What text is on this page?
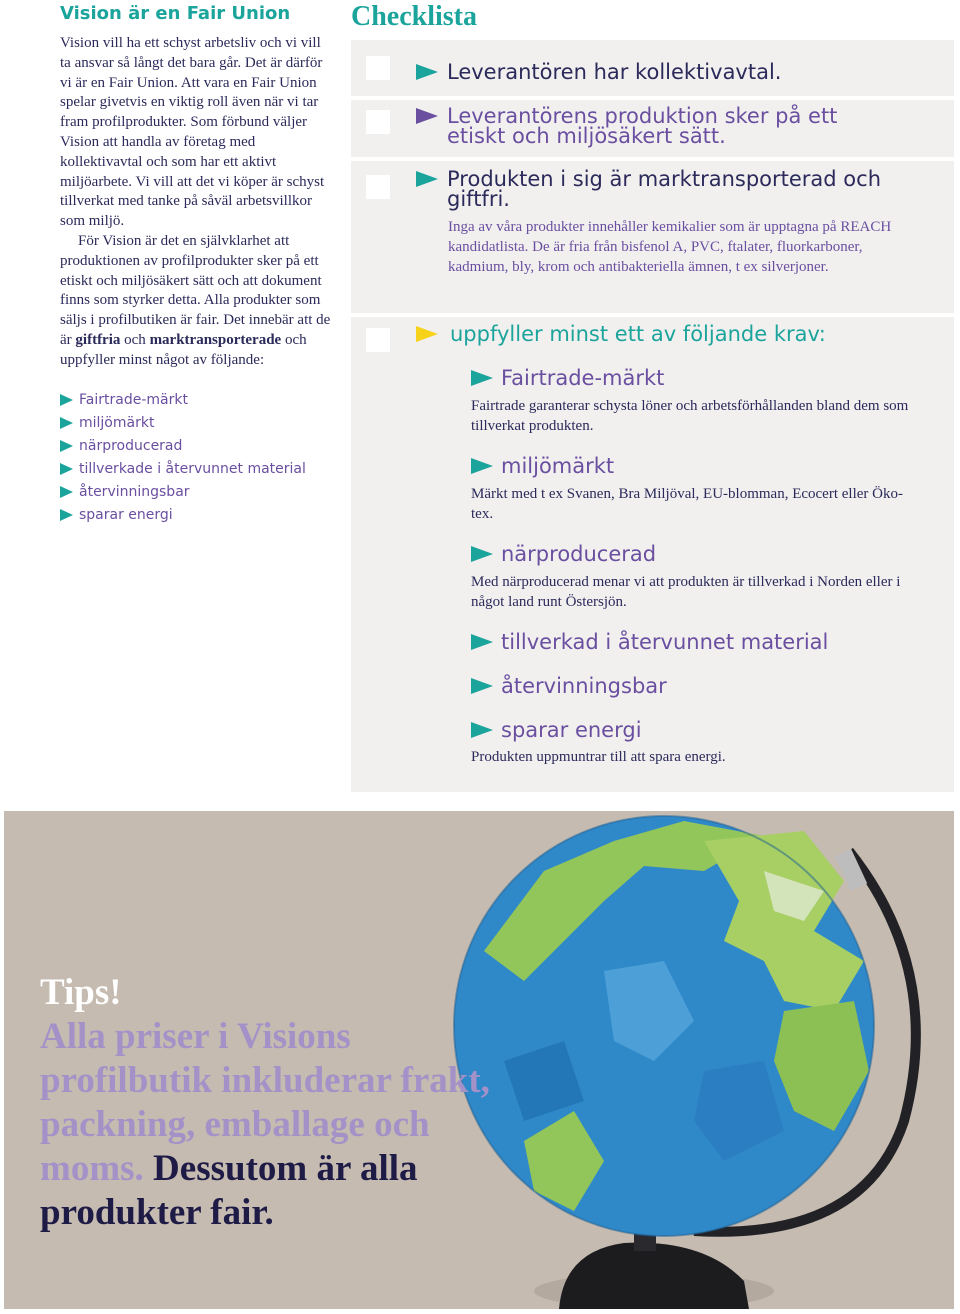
Vision är en Fair Union

Vision vill ha ett schyst arbetsliv och vi vill ta ansvar så långt det bara går. Det är därför vi är en Fair Union. Att vara en Fair Union spelar givetvis en viktig roll även när vi tar fram profilprodukter. Som förbund väljer Vision att handla av företag med kollektivavtal och som har ett aktivt miljöarbete. Vi vill att det vi köper är schyst tillverkat med tanke på såväl arbetsvillkor som miljö.

För Vision är det en självklarhet att produktionen av profilprodukter sker på ett etiskt och miljösäkert sätt och att dokument finns som styrker detta. Alla produkter som säljs i profilbutiken är fair. Det innebär att de är giftfria och marktransporterade och uppfyller minst något av följande:

Fairtrade-märkt
miljömärkt
närproducerad
tillverkade i återvunnet material
återvinningsbar
sparar energi
Checklista
Leverantören har kollektivavtal.
Leverantörens produktion sker på ett etiskt och miljösäkert sätt.
Produkten i sig är marktransporterad och giftfri.
Inga av våra produkter innehåller kemikalier som är upptagna på REACH kandidatlista. De är fria från bisfenol A, PVC, ftalater, fluorkarboner, kadmium, bly, krom och antibakteriella ämnen, t ex silverjoner.
uppfyller minst ett av följande krav:
Fairtrade-märkt
Fairtrade garanterar schysta löner och arbetsförhållanden bland dem som tillverkat produkten.
miljömärkt
Märkt med t ex Svanen, Bra Miljöval, EU-blomman, Ecocert eller Öko-tex.
närproducerad
Med närproducerad menar vi att produkten är tillverkad i Norden eller i något land runt Östersjön.
tillverkad i återvunnet material
återvinningsbar
sparar energi
Produkten uppmuntrar till att spara energi.
Tips!
Alla priser i Visions profilbutik inkluderar frakt, packning, emballage och moms. Dessutom är alla produkter fair.
